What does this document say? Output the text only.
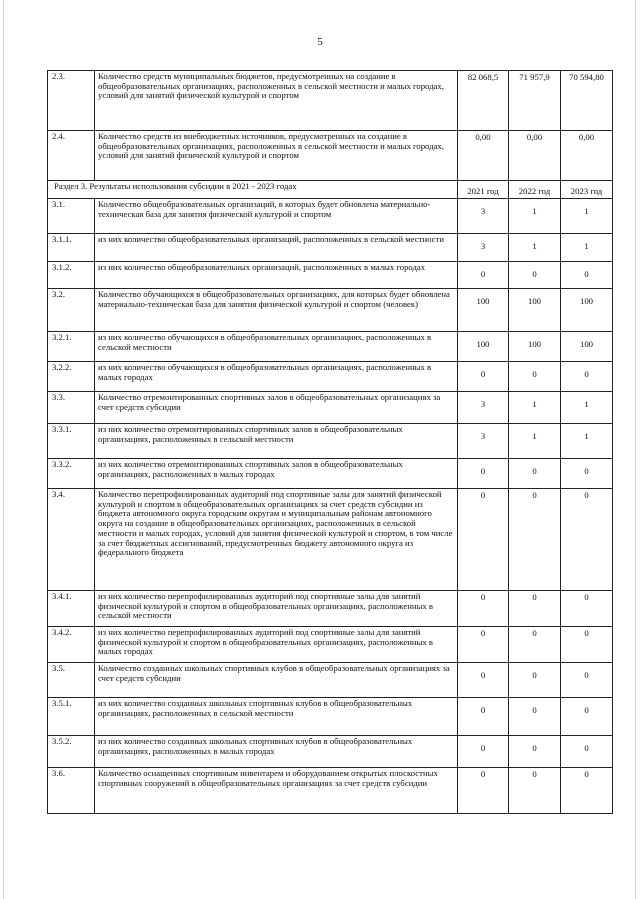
5
2.3.	Количество средств муниципальных бюджетов, предусмотренных на создание в общеобразовательных организациях, расположенных в сельской местности и малых городах, условий для занятий физической культурой и спортом	82 068,5	71 957,9	70 594,80
2.4.	Количество средств из внебюджетных источников, предусмотренных на создание в общеобразовательных организациях, расположенных в сельской местности и малых городах, условий для занятий физической культурой и спортом	0,00	0,00	0,00
Раздел 3. Результаты использования субсидии в 2021 - 2023 годах		2021 год	2022 год	2023 год
3.1.	Количество общеобразовательных организаций, в которых будет обновлена материально-техническая база для занятия физической культурой и спортом	3	1	1
3.1.1.	из них количество общеобразовательных организаций, расположенных в сельской местности	3	1	1
3.1.2.	из них количество общеобразовательных организаций, расположенных в малых городах	0	0	0
3.2.	Количество обучающихся в общеобразовательных организациях, для которых будет обновлена материально-техническая база для занятия физической культурой и спортом (человек)	100	100	100
3.2.1.	из них количество обучающихся в общеобразовательных организациях, расположенных в сельской местности	100	100	100
3.2.2.	из них количество обучающихся в общеобразовательных организациях, расположенных в малых городах	0	0	0
3.3.	Количество отремонтированных спортивных залов в общеобразовательных организациях за счет средств субсидии	3	1	1
3.3.1.	из них количество отремонтированных спортивных залов в общеобразовательных организациях, расположенных в сельской местности	3	1	1
3.3.2.	из них количество отремонтированных спортивных залов в общеобразовательных организациях, расположенных в малых городах	0	0	0
3.4.	Количество перепрофилированных аудиторий под спортивные залы для занятий физической культурой и спортом в общеобразовательных организациях за счет средств субсидии из бюджета автономного округа городским округам и муниципальным районам автономного округа на создание в общеобразовательных организациях, расположенных в сельской местности и малых городах, условий для занятия физической культурой и спортом, в том числе за счет бюджетных ассигнований, предусмотренных бюджету автономного округа из федерального бюджета	0	0	0
3.4.1.	из них количество перепрофилированных аудиторий под спортивные залы для занятий физической культурой и спортом в общеобразовательных организациях, расположенных в сельской местности	0	0	0
3.4.2.	из них количество перепрофилированных аудиторий под спортивные залы для занятий физической культурой и спортом в общеобразовательных организациях, расположенных в малых городах	0	0	0
3.5.	Количество созданных школьных спортивных клубов в общеобразовательных организациях за счет средств субсидии	0	0	0
3.5.1.	из них количество созданных школьных спортивных клубов в общеобразовательных организациях, расположенных в сельской местности	0	0	0
3.5.2.	из них количество созданных школьных спортивных клубов в общеобразовательных организациях, расположенных в малых городах	0	0	0
3.6.	Количество оснащенных спортивным инвентарем и оборудованием открытых плоскостных спортивных сооружений в общеобразовательных организациях за счет средств субсидии	0	0	0
